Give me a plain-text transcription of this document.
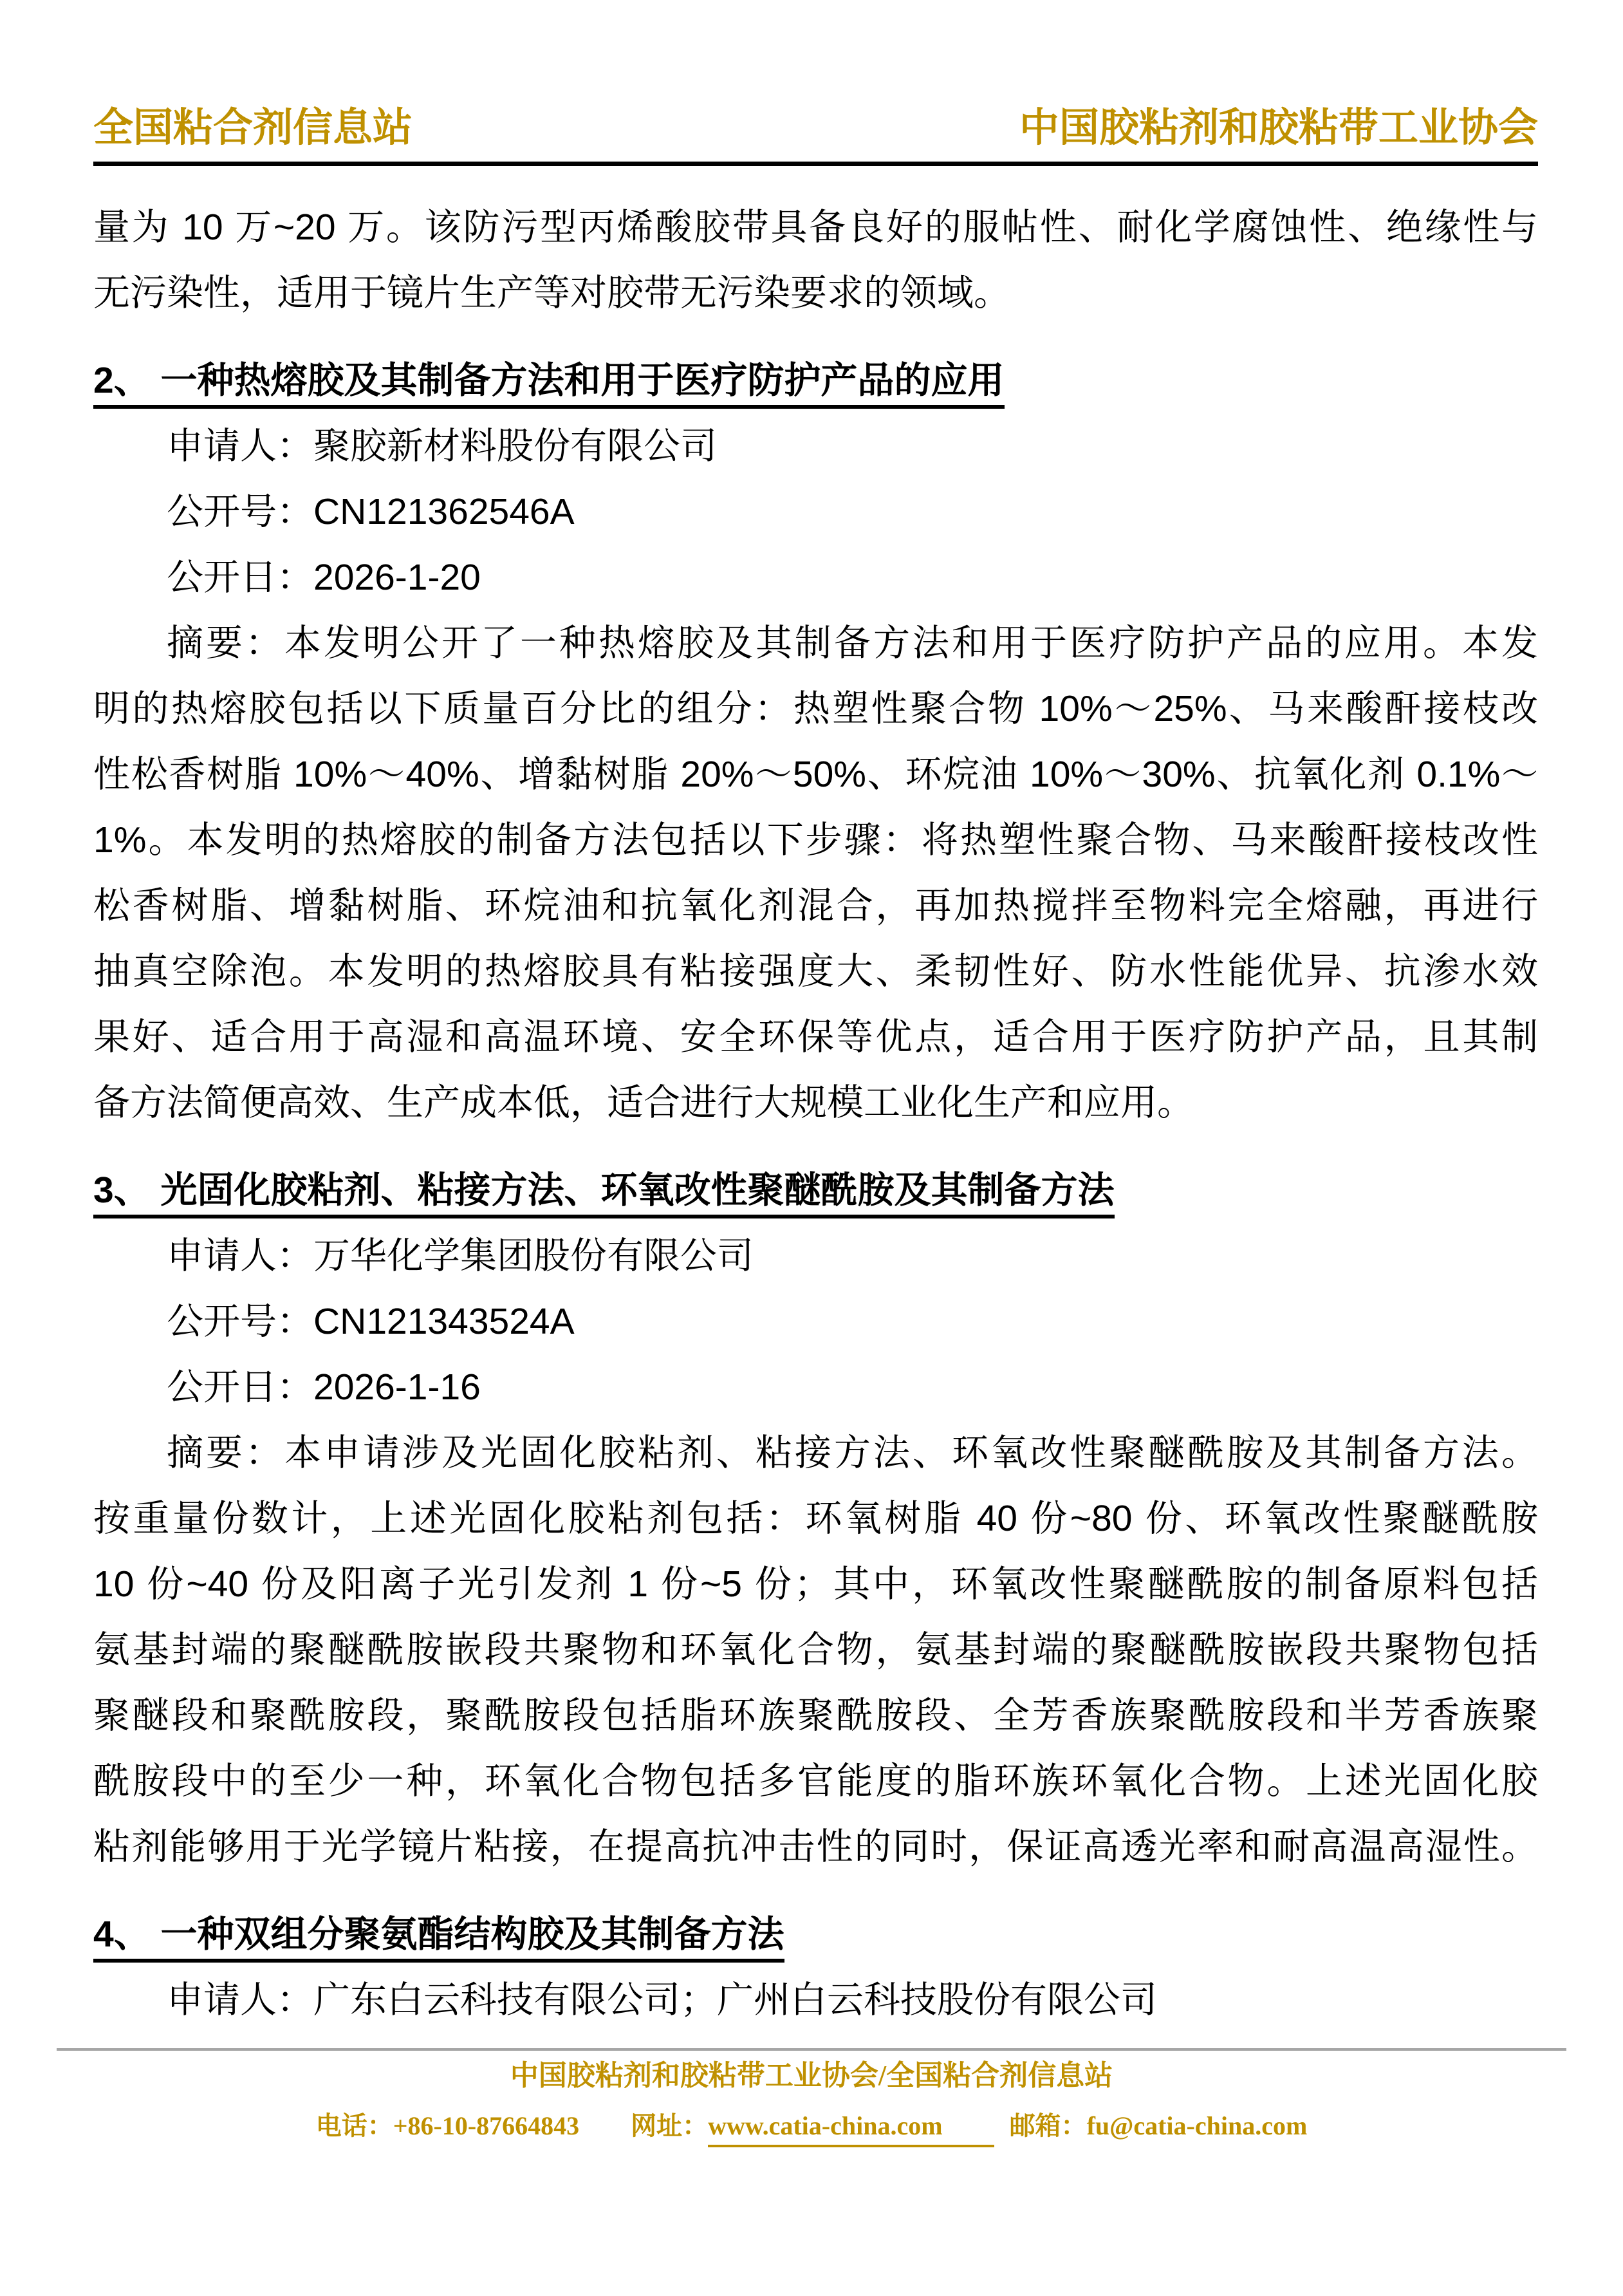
全国粘合剂信息站	中国胶粘剂和胶粘带工业协会
量为 10 万~20 万。该防污型丙烯酸胶带具备良好的服帖性、耐化学腐蚀性、绝缘性与
无污染性，适用于镜片生产等对胶带无污染要求的领域。
2、 一种热熔胶及其制备方法和用于医疗防护产品的应用
申请人：聚胶新材料股份有限公司
公开号：CN121362546A
公开日：2026-1-20
摘要：本发明公开了一种热熔胶及其制备方法和用于医疗防护产品的应用。本发
明的热熔胶包括以下质量百分比的组分：热塑性聚合物 10%～25%、马来酸酐接枝改
性松香树脂 10%～40%、增黏树脂 20%～50%、环烷油 10%～30%、抗氧化剂 0.1%～
1%。本发明的热熔胶的制备方法包括以下步骤：将热塑性聚合物、马来酸酐接枝改性
松香树脂、增黏树脂、环烷油和抗氧化剂混合，再加热搅拌至物料完全熔融，再进行
抽真空除泡。本发明的热熔胶具有粘接强度大、柔韧性好、防水性能优异、抗渗水效
果好、适合用于高湿和高温环境、安全环保等优点，适合用于医疗防护产品，且其制
备方法简便高效、生产成本低，适合进行大规模工业化生产和应用。
3、 光固化胶粘剂、粘接方法、环氧改性聚醚酰胺及其制备方法
申请人：万华化学集团股份有限公司
公开号：CN121343524A
公开日：2026-1-16
摘要：本申请涉及光固化胶粘剂、粘接方法、环氧改性聚醚酰胺及其制备方法。
按重量份数计，上述光固化胶粘剂包括：环氧树脂 40 份~80 份、环氧改性聚醚酰胺
10 份~40 份及阳离子光引发剂 1 份~5 份；其中，环氧改性聚醚酰胺的制备原料包括
氨基封端的聚醚酰胺嵌段共聚物和环氧化合物，氨基封端的聚醚酰胺嵌段共聚物包括
聚醚段和聚酰胺段，聚酰胺段包括脂环族聚酰胺段、全芳香族聚酰胺段和半芳香族聚
酰胺段中的至少一种，环氧化合物包括多官能度的脂环族环氧化合物。上述光固化胶
粘剂能够用于光学镜片粘接，在提高抗冲击性的同时，保证高透光率和耐高温高湿性。
4、 一种双组分聚氨酯结构胶及其制备方法
申请人：广东白云科技有限公司；广州白云科技股份有限公司
中国胶粘剂和胶粘带工业协会/全国粘合剂信息站
电话：+86-10-87664843 网址：www.catia-china.com	邮箱：fu@catia-china.com
